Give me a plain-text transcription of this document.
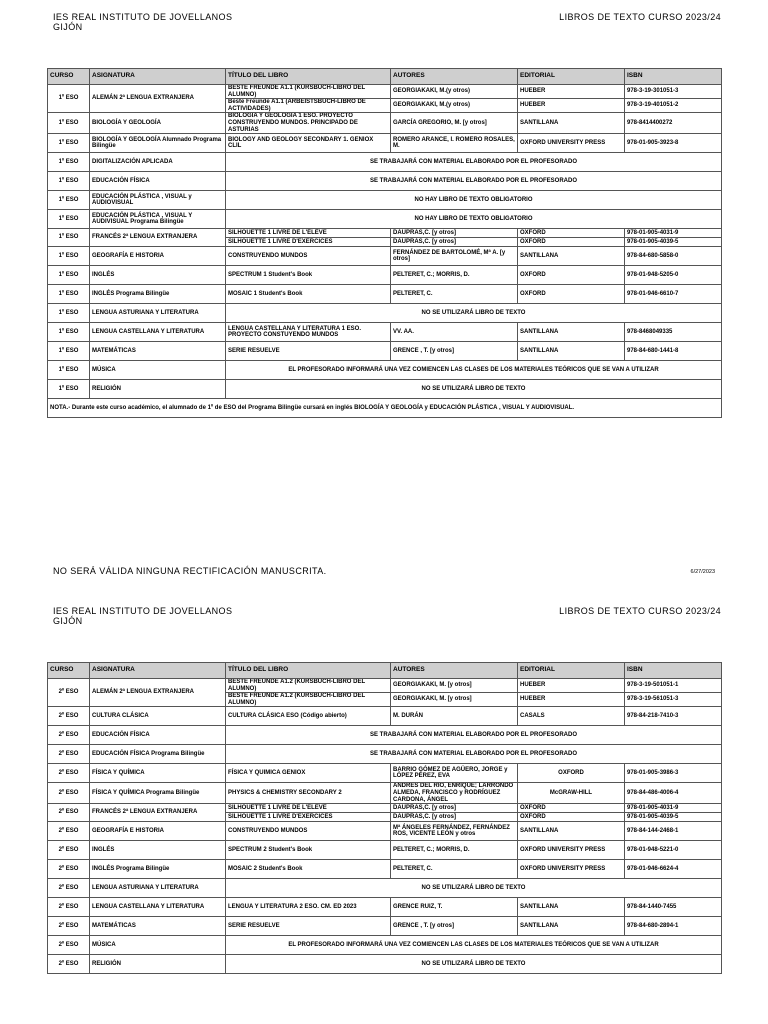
IES REAL INSTITUTO DE JOVELLANOS
GIJÓN
LIBROS DE TEXTO CURSO 2023/24
CURSO	ASIGNATURA	TÍTULO DEL LIBRO	AUTORES	EDITORIAL	ISBN
1º ESO	ALEMÁN 2ª LENGUA EXTRANJERA	BESTE FREUNDE A1.1 (KURSBUCH-LIBRO DEL ALUMNO)	GEORGIAKAKI, M.(y otros)	HUEBER	978-3-19-301051-3
		Beste Freunde A1.1 (ARBEISTSBUCH-LIBRO DE ACTIVIDADES)	GEORGIAKAKI, M.(y otros)	HUEBER	978-3-19-401051-2
1º ESO	BIOLOGÍA Y GEOLOGÍA	BIOLOGÍA Y GEOLOGÍA 1 ESO. PROYECTO CONSTRUYENDO MUNDOS. PRINCIPADO DE ASTURIAS	GARCÍA GREGORIO, M. [y otros]	SANTILLANA	978-8414400272
1º ESO	BIOLOGÍA Y GEOLOGÍA Alumnado Programa Bilingüe	BIOLOGY AND GEOLOGY SECONDARY 1. GENIOX CLIL	ROMERO ARANCE, I. ROMERO ROSALES, M.	OXFORD UNIVERSITY PRESS	978-01-905-3923-8
1º ESO	DIGITALIZACIÓN APLICADA	SE TRABAJARÁ CON MATERIAL ELABORADO POR EL PROFESORADO			
1º ESO	EDUCACIÓN FÍSICA	SE TRABAJARÁ CON MATERIAL ELABORADO POR EL PROFESORADO			
1º ESO	EDUCACIÓN PLÁSTICA , VISUAL y AUDIOVISUAL	NO HAY LIBRO DE TEXTO OBLIGATORIO			
1º ESO	EDUCACIÓN PLÁSTICA , VISUAL Y AUDIVISUAL Programa Bilingüe	NO HAY LIBRO DE TEXTO OBLIGATORIO			
1º ESO	FRANCÉS 2ª LENGUA EXTRANJERA	SILHOUETTE 1 LIVRE DE L'ÉLÈVE	DAUPRAS,C. [y otros]	OXFORD	978-01-905-4031-9
		SILHOUETTE 1 LIVRE D'EXERCICES	DAUPRAS,C. [y otros]	OXFORD	978-01-905-4039-5
1º ESO	GEOGRAFÍA E HISTORIA	CONSTRUYENDO MUNDOS	FERNÁNDEZ DE BARTOLOMÉ, Mª A. [y otros]	SANTILLANA	978-84-680-5858-0
1º ESO	INGLÉS	SPECTRUM 1 Student's Book	PELTERET, C.; MORRIS, D.	OXFORD	978-01-948-5205-0
1º ESO	INGLÉS Programa Bilingüe	MOSAIC 1 Student's Book	PELTERET, C.	OXFORD	978-01-946-6610-7
1º ESO	LENGUA ASTURIANA Y LITERATURA	NO SE UTILIZARÁ LIBRO DE TEXTO			
1º ESO	LENGUA CASTELLANA Y LITERATURA	LENGUA CASTELLANA Y LITERATURA 1 ESO. PROYECTO CONSTUYENDO MUNDOS	VV. AA.	SANTILLANA	978-8468049335
1º ESO	MATEMÁTICAS	SERIE RESUELVE	GRENCE , T. [y otros]	SANTILLANA	978-84-680-1441-8
1º ESO	MÚSICA	EL PROFESORADO INFORMARÁ UNA VEZ COMIENCEN LAS CLASES DE LOS MATERIALES TEÓRICOS QUE SE VAN A UTILIZAR			
1º ESO	RELIGIÓN	NO SE UTILIZARÁ LIBRO DE TEXTO			
NOTA.- Durante este curso académico, el alumnado de 1º de ESO del Programa Bilingüe cursará en inglés BIOLOGÍA Y GEOLOGÍA y EDUCACIÓN PLÁSTICA , VISUAL Y AUDIOVISUAL.					
NO SERÁ VÁLIDA NINGUNA RECTIFICACIÓN MANUSCRITA.	6/27/2023
IES REAL INSTITUTO DE JOVELLANOS
GIJÓN
LIBROS DE TEXTO CURSO 2023/24
CURSO	ASIGNATURA	TÍTULO DEL LIBRO	AUTORES	EDITORIAL	ISBN
2º ESO	ALEMÁN 2ª LENGUA EXTRANJERA	BESTE FREUNDE A1.2 (KURSBUCH-LIBRO DEL ALUMNO)	GEORGIAKAKI, M. [y otros]	HUEBER	978-3-19-501051-1
		BESTE FREUNDE A1.2 (KURSBUCH-LIBRO DEL ALUMNO)	GEORGIAKAKI, M. [y otros]	HUEBER	978-3-19-561051-3
2º ESO	CULTURA CLÁSICA	CULTURA CLÁSICA ESO (Código abierto)	M. DURÁN	CASALS	978-84-218-7410-3
2º ESO	EDUCACIÓN FÍSICA	SE TRABAJARÁ CON MATERIAL ELABORADO POR EL PROFESORADO			
2º ESO	EDUCACIÓN FÍSICA Programa Bilingüe	SE TRABAJARÁ CON MATERIAL ELABORADO POR EL PROFESORADO			
2º ESO	FÍSICA Y QUÍMICA	FÍSICA Y QUIMICA GENIOX	BARRIO GÓMEZ DE AGÜERO, JORGE y LÓPEZ PÉREZ, EVA	OXFORD	978-01-905-3986-3
2º ESO	FÍSICA Y QUÍMICA Programa Bilingüe	PHYSICS & CHEMISTRY SECONDARY 2	ANDRÉS DEL RIO, ENRIQUE; LARRONDO ALMEDA, FRANCISCO y RODRÍGUEZ CARDONA, ÁNGEL	McGRAW-HILL	978-84-486-4006-4
2º ESO	FRANCÉS 2ª LENGUA EXTRANJERA	SILHOUETTE 1 LIVRE DE L'ELEVE	DAUPRAS,C. [y otros]	OXFORD	978-01-905-4031-9
		SILHOUETTE 1 LIVRE D'EXERCICES	DAUPRAS,C. [y otros]	OXFORD	978-01-905-4039-5
2º ESO	GEOGRAFÍA E HISTORIA	CONSTRUYENDO MUNDOS	Mª ÁNGELES FERNÁNDEZ, FERNÁNDEZ ROS, VICENTE LEÓN y otros	SANTILLANA	978-84-144-2468-1
2º ESO	INGLÉS	SPECTRUM 2 Student's Book	PELTERET, C.; MORRIS, D.	OXFORD UNIVERSITY PRESS	978-01-948-5221-0
2º ESO	INGLÉS Programa Bilingüe	MOSAIC 2 Student's Book	PELTERET, C.	OXFORD UNIVERSITY PRESS	978-01-946-6624-4
2º ESO	LENGUA ASTURIANA Y LITERATURA	NO SE UTILIZARÁ LIBRO DE TEXTO			
2º ESO	LENGUA CASTELLANA Y LITERATURA	LENGUA Y LITERATURA 2 ESO. CM. ED 2023	GRENCE RUIZ, T.	SANTILLANA	978-84-1440-7455
2º ESO	MATEMÁTICAS	SERIE RESUELVE	GRENCE , T. [y otros]	SANTILLANA	978-84-680-2894-1
2º ESO	MÚSICA	EL PROFESORADO INFORMARÁ UNA VEZ COMIENCEN LAS CLASES DE LOS MATERIALES TEÓRICOS QUE SE VAN A UTILIZAR			
2º ESO	RELIGIÓN	NO SE UTILIZARÁ LIBRO DE TEXTO			
